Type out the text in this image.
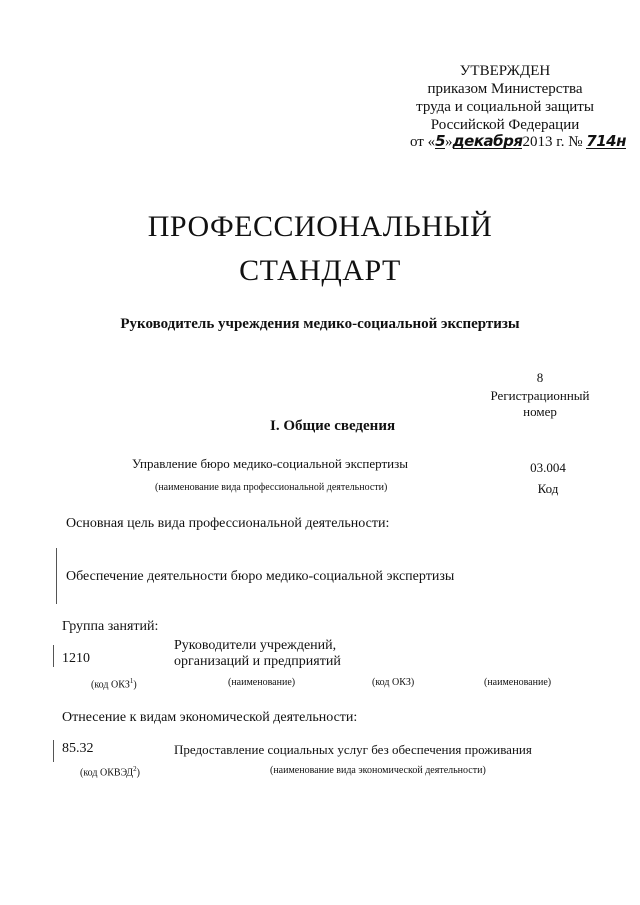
УТВЕРЖДЕН
приказом Министерства
труда и социальной защиты
Российской Федерации
от «5»декабря2013 г. № 714н
ПРОФЕССИОНАЛЬНЫЙ
СТАНДАРТ
Руководитель учреждения медико-социальной экспертизы
8
Регистрационный
номер
I. Общие сведения
Управление бюро медико-социальной экспертизы
(наименование вида профессиональной деятельности)
03.004
Код
Основная цель вида профессиональной деятельности:
Обеспечение деятельности бюро медико-социальной экспертизы
Группа занятий:
1210
Руководители учреждений,
организаций и предприятий
(код ОКЗ$^1$)	(наименование)	(код ОКЗ)	(наименование)
Отнесение к видам экономической деятельности:
85.32	Предоставление социальных услуг без обеспечения проживания
(код ОКВЭД$^2$)	(наименование вида экономической деятельности)
